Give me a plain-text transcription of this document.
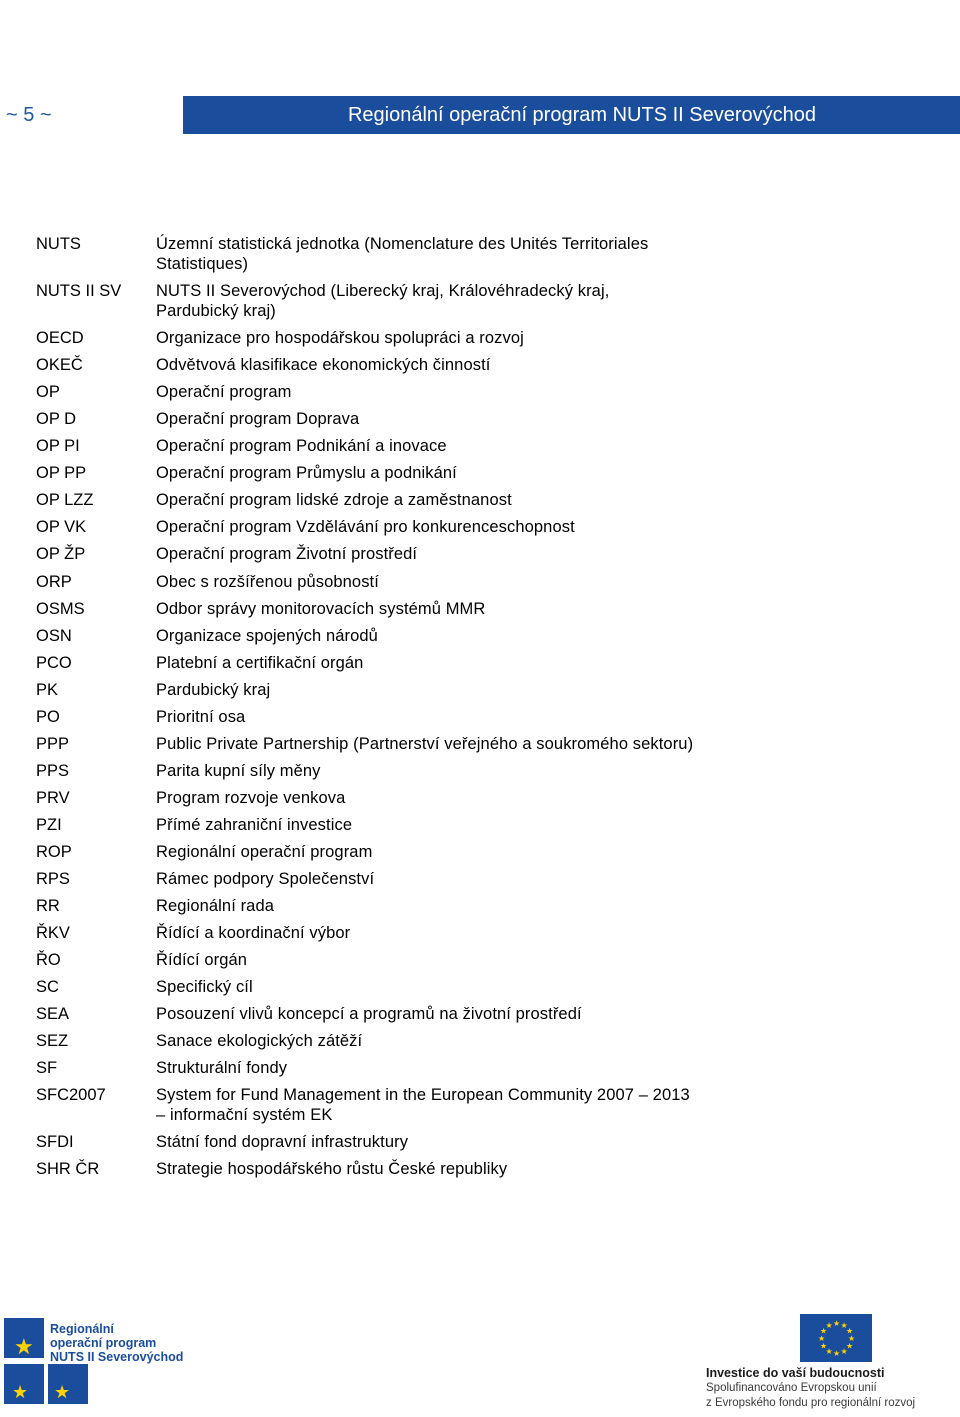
~ 5 ~	Regionální operační program NUTS II Severovýchod
NUTS	Územní statistická jednotka (Nomenclature des Unités Territoriales Statistiques)
NUTS II SV	NUTS II Severovýchod (Liberecký kraj, Královéhradecký kraj, Pardubický kraj)
OECD	Organizace pro hospodářskou spolupráci a rozvoj
OKEČ	Odvětvová klasifikace ekonomických činností
OP	Operační program
OP D	Operační program Doprava
OP PI	Operační program Podnikání a inovace
OP PP	Operační program Průmyslu a podnikání
OP LZZ	Operační program lidské zdroje a zaměstnanost
OP VK	Operační program Vzdělávání pro konkurenceschopnost
OP ŽP	Operační program Životní prostředí
ORP	Obec s rozšířenou působností
OSMS	Odbor správy monitorovacích systémů MMR
OSN	Organizace spojených národů
PCO	Platební a certifikační orgán
PK	Pardubický kraj
PO	Prioritní osa
PPP	Public Private Partnership (Partnerství veřejného a soukromého sektoru)
PPS	Parita kupní síly měny
PRV	Program rozvoje venkova
PZI	Přímé zahraniční investice
ROP	Regionální operační program
RPS	Rámec podpory Společenství
RR	Regionální rada
ŘKV	Řídící a koordinační výbor
ŘO	Řídící orgán
SC	Specifický cíl
SEA	Posouzení vlivů koncepcí a programů na životní prostředí
SEZ	Sanace ekologických zátěží
SF	Strukturální fondy
SFC2007	System for Fund Management in the European Community 2007 – 2013 – informační systém EK
SFDI	Státní fond dopravní infrastruktury
SHR ČR	Strategie hospodářského růstu České republiky
★
★ ★
Regionální
operační program
NUTS II Severovýchod
★
★
★
★
★
★
★
★
★ ★ ★
★
Investice do vaší budoucnosti
Spolufinancováno Evropskou unií
z Evropského fondu pro regionální rozvoj
